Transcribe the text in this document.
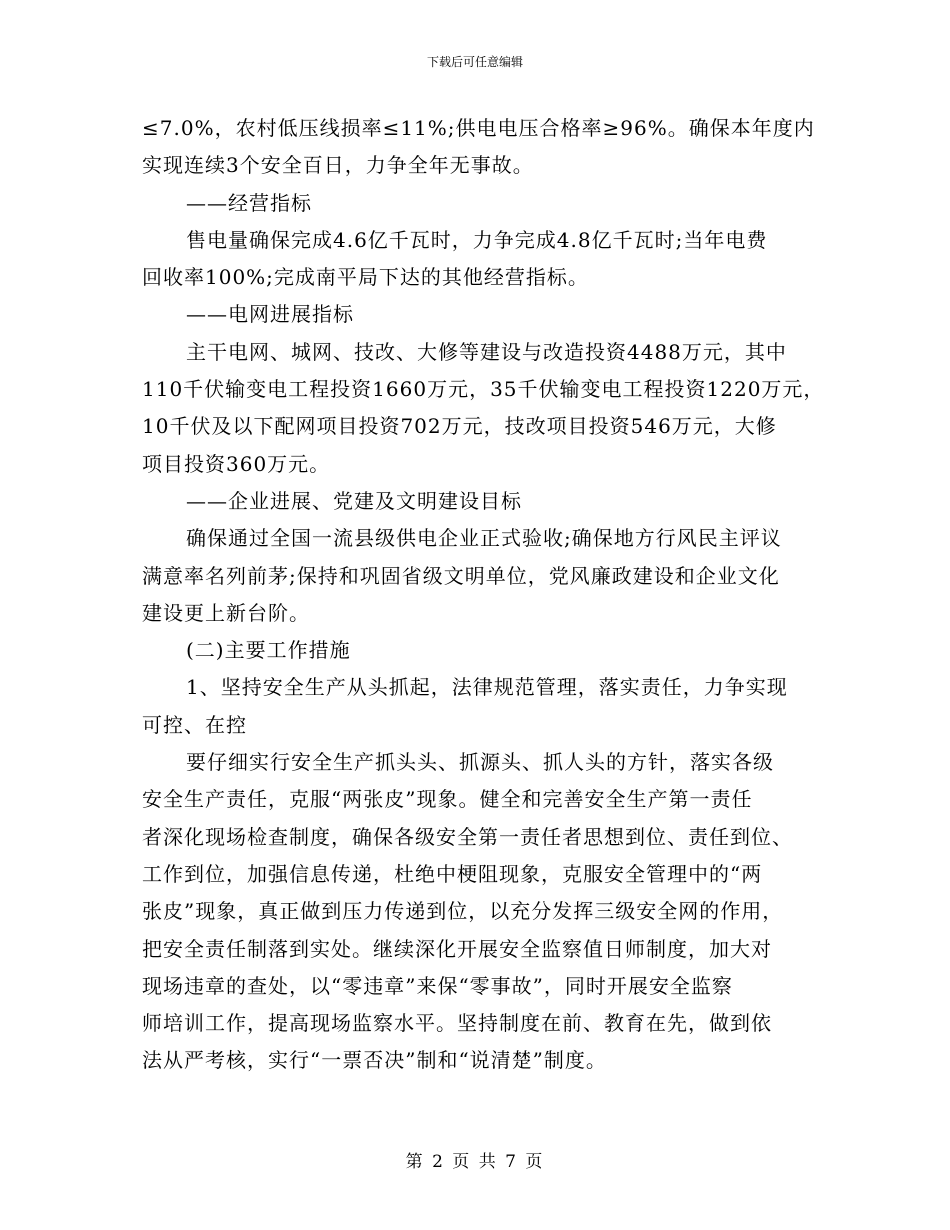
下载后可任意编辑
≤7.0%，农村低压线损率≤11%;供电电压合格率≥96%。确保本年度内
实现连续3个安全百日，力争全年无事故。
——经营指标
售电量确保完成4.6亿千瓦时，力争完成4.8亿千瓦时;当年电费
回收率100%;完成南平局下达的其他经营指标。
——电网进展指标
主干电网、城网、技改、大修等建设与改造投资4488万元，其中
110千伏输变电工程投资1660万元，35千伏输变电工程投资1220万元，
10千伏及以下配网项目投资702万元，技改项目投资546万元，大修
项目投资360万元。
——企业进展、党建及文明建设目标
确保通过全国一流县级供电企业正式验收;确保地方行风民主评议
满意率名列前茅;保持和巩固省级文明单位，党风廉政建设和企业文化
建设更上新台阶。
(二)主要工作措施
1、坚持安全生产从头抓起，法律规范管理，落实责任，力争实现
可控、在控
要仔细实行安全生产抓头头、抓源头、抓人头的方针，落实各级
安全生产责任，克服“两张皮”现象。健全和完善安全生产第一责任
者深化现场检查制度，确保各级安全第一责任者思想到位、责任到位、
工作到位，加强信息传递，杜绝中梗阻现象，克服安全管理中的“两
张皮”现象，真正做到压力传递到位，以充分发挥三级安全网的作用，
把安全责任制落到实处。继续深化开展安全监察值日师制度，加大对
现场违章的查处，以“零违章”来保“零事故”，同时开展安全监察
师培训工作，提高现场监察水平。坚持制度在前、教育在先，做到依
法从严考核，实行“一票否决”制和“说清楚”制度。
第 2 页 共 7 页
